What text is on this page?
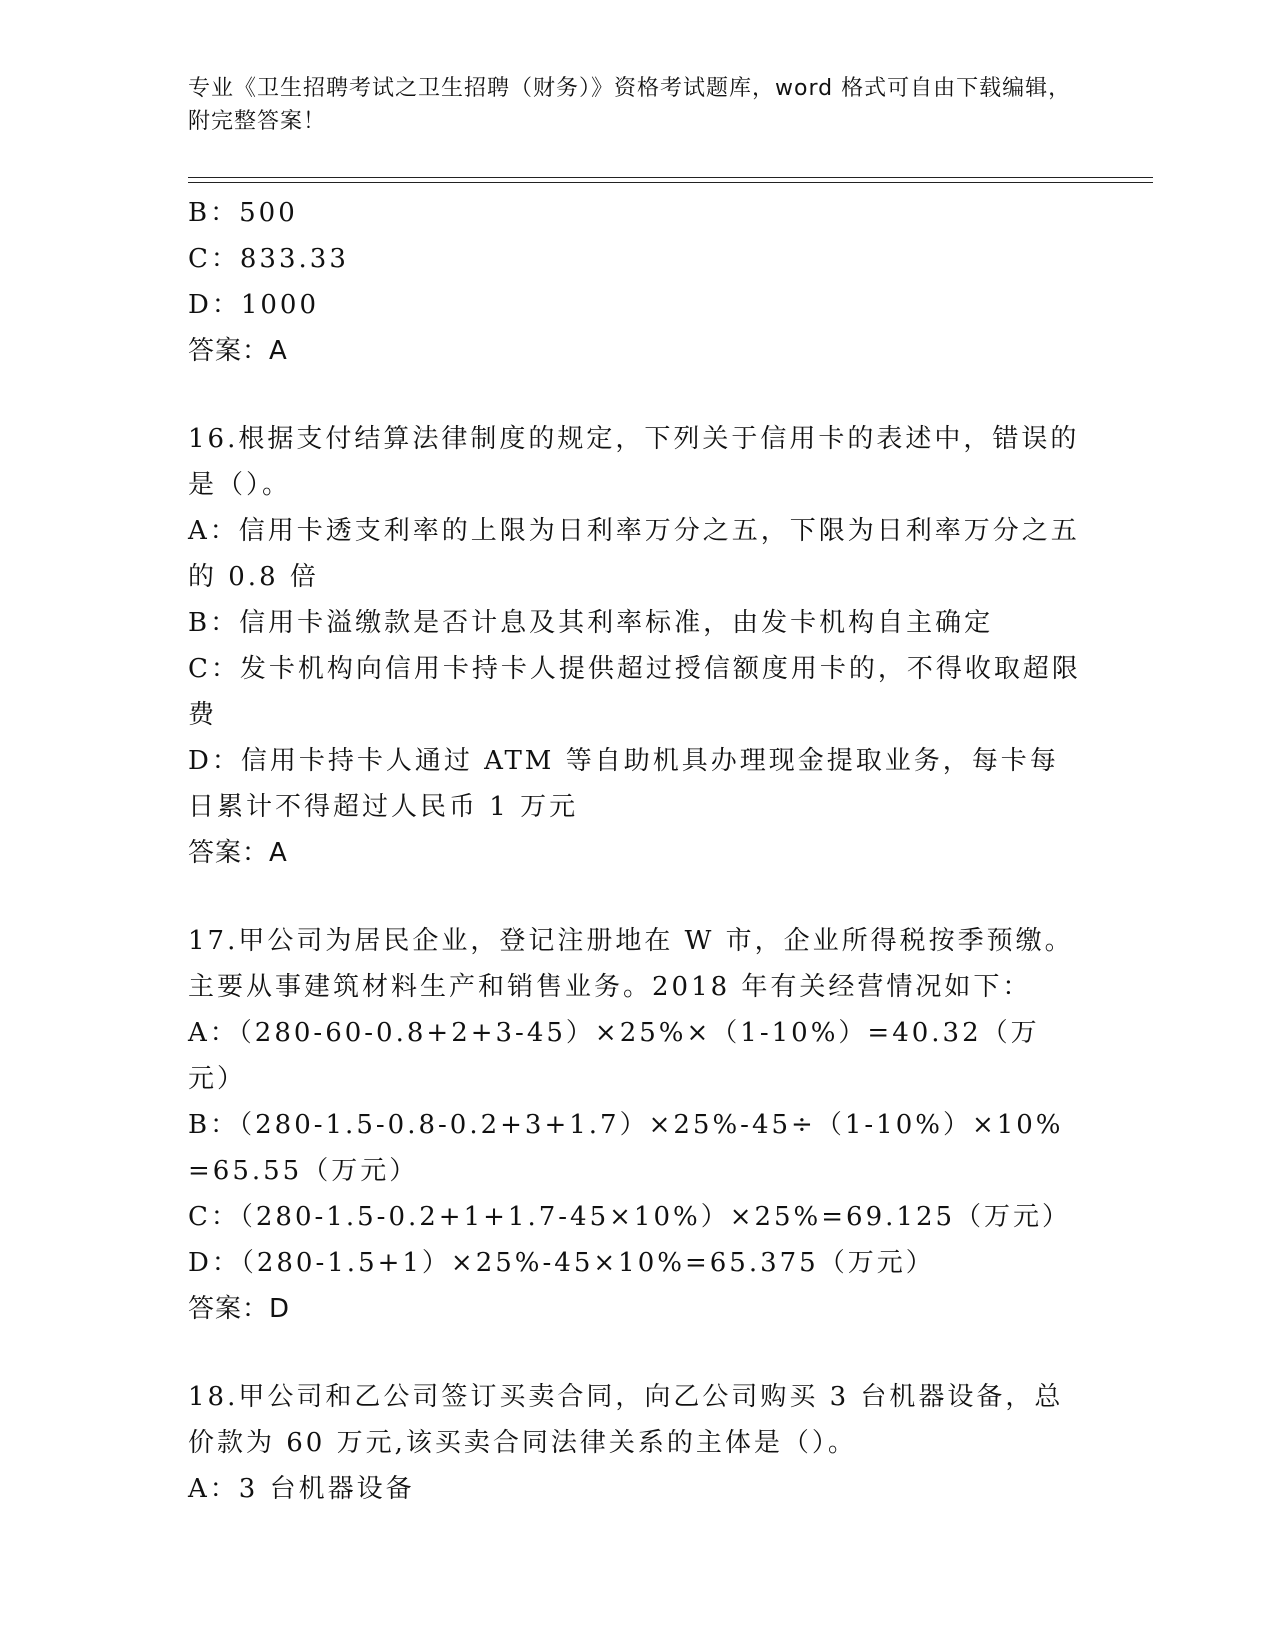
专业《卫生招聘考试之卫生招聘（财务）》资格考试题库，word 格式可自由下载编辑，附完整答案！
B：500
C：833.33
D：1000
答案：A
16.根据支付结算法律制度的规定，下列关于信用卡的表述中，错误的是（）。
A：信用卡透支利率的上限为日利率万分之五，下限为日利率万分之五的 0.8 倍
B：信用卡溢缴款是否计息及其利率标准，由发卡机构自主确定
C：发卡机构向信用卡持卡人提供超过授信额度用卡的，不得收取超限费
D：信用卡持卡人通过 ATM 等自助机具办理现金提取业务，每卡每日累计不得超过人民币 1 万元
答案：A
17.甲公司为居民企业，登记注册地在 W 市，企业所得税按季预缴。主要从事建筑材料生产和销售业务。2018 年有关经营情况如下：
A：（280-60-0.8+2+3-45）×25%×（1-10%）=40.32（万元）
B：（280-1.5-0.8-0.2+3+1.7）×25%-45÷（1-10%）×10%=65.55（万元）
C：（280-1.5-0.2+1+1.7-45×10%）×25%=69.125（万元）
D：（280-1.5+1）×25%-45×10%=65.375（万元）
答案：D
18.甲公司和乙公司签订买卖合同，向乙公司购买 3 台机器设备，总价款为 60 万元,该买卖合同法律关系的主体是（）。
A：3 台机器设备
